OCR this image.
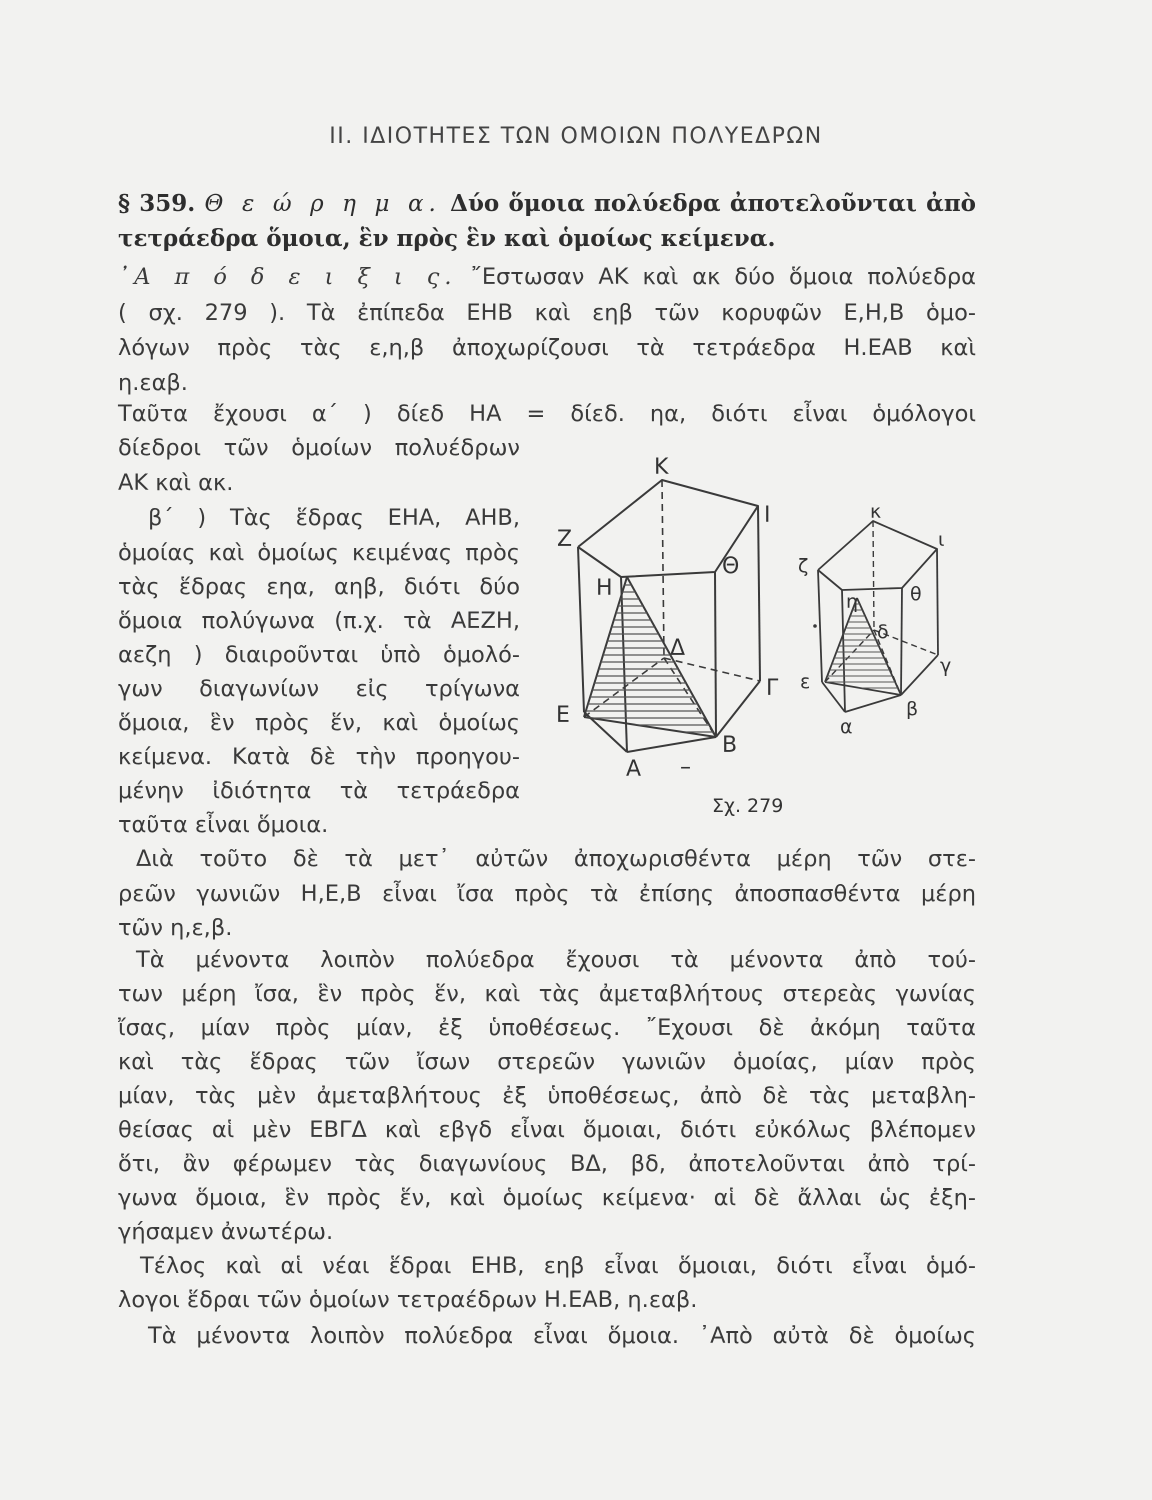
II. ΙΔΙΟΤΗΤΕΣ ΤΩΝ ΟΜΟΙΩΝ ΠΟΛΥΕΔΡΩΝ
§ 359. Θ ε ώ ρ η μ α. Δύο ὅμοια πολύεδρα ἀποτελοῦνται ἀπὸ
τετράεδρα ὅμοια, ἓν πρὸς ἓν καὶ ὁμοίως κείμενα.
᾿Α π ό δ ε ι ξ ι ς. ῎Εστωσαν ΑΚ καὶ ακ δύο ὅμοια πολύεδρα
( σχ. 279 ). Τὰ ἐπίπεδα ΕΗΒ καὶ εηβ τῶν κορυφῶν Ε,Η,Β ὁμο-
λόγων πρὸς τὰς ε,η,β ἀποχωρίζουσι τὰ τετράεδρα Η.ΕΑΒ καὶ
η.εαβ.
Ταῦτα ἔχουσι α΄ ) δίεδ ΗΑ = δίεδ. ηα, διότι εἶναι ὁμόλογοι
δίεδροι τῶν ὁμοίων πολυέδρων
ΑΚ καὶ ακ.
β΄ ) Τὰς ἕδρας ΕΗΑ, ΑΗΒ,
ὁμοίας καὶ ὁμοίως κειμένας πρὸς
τὰς ἕδρας εηα, αηβ, διότι δύο
ὅμοια πολύγωνα (π.χ. τὰ ΑΕΖΗ,
αεζη ) διαιροῦνται ὑπὸ ὁμολό-
γων διαγωνίων εἰς τρίγωνα
ὅμοια, ἓν πρὸς ἕν, καὶ ὁμοίως
κείμενα. Κατὰ δὲ τὴν προηγου-
μένην ἰδιότητα τὰ τετράεδρα
ταῦτα εἶναι ὅμοια.
Διὰ τοῦτο δὲ τὰ μετ᾿ αὐτῶν ἀποχωρισθέντα μέρη τῶν στε-
ρεῶν γωνιῶν Η,Ε,Β εἶναι ἴσα πρὸς τὰ ἐπίσης ἀποσπασθέντα μέρη
τῶν η,ε,β.
Τὰ μένοντα λοιπὸν πολύεδρα ἔχουσι τὰ μένοντα ἀπὸ τού-
των μέρη ἴσα, ἓν πρὸς ἕν, καὶ τὰς ἀμεταβλήτους στερεὰς γωνίας
ἴσας, μίαν πρὸς μίαν, ἐξ ὑποθέσεως. ῎Εχουσι δὲ ἀκόμη ταῦτα
καὶ τὰς ἕδρας τῶν ἴσων στερεῶν γωνιῶν ὁμοίας, μίαν πρὸς
μίαν, τὰς μὲν ἀμεταβλήτους ἐξ ὑποθέσεως, ἀπὸ δὲ τὰς μεταβλη-
θείσας αἱ μὲν ΕΒΓΔ καὶ εβγδ εἶναι ὅμοιαι, διότι εὐκόλως βλέπομεν
ὅτι, ἂν φέρωμεν τὰς διαγωνίους ΒΔ, βδ, ἀποτελοῦνται ἀπὸ τρί-
γωνα ὅμοια, ἓν πρὸς ἕν, καὶ ὁμοίως κείμενα· αἱ δὲ ἄλλαι ὡς ἐξη-
γήσαμεν ἀνωτέρω.
Τέλος καὶ αἱ νέαι ἕδραι ΕΗΒ, εηβ εἶναι ὅμοιαι, διότι εἶναι ὁμό-
λογοι ἕδραι τῶν ὁμοίων τετραέδρων Η.ΕΑΒ, η.εαβ.
Τὰ μένοντα λοιπὸν πολύεδρα εἶναι ὅμοια. ᾿Απὸ αὐτὰ δὲ ὁμοίως
Κ
Ι
Ζ
Θ
Η
Δ
Γ
Ε
Β
Α –
κ
ι
ζ
θ
η
δ
γ
ε
α
β
Σχ. 279
